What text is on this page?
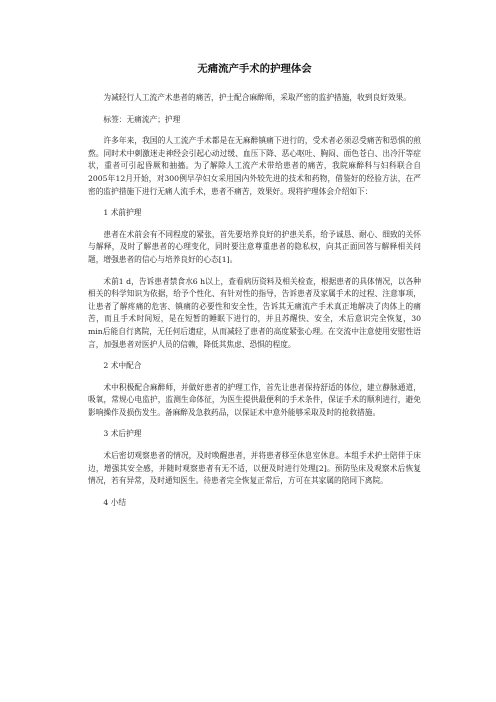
无痛流产手术的护理体会

为减轻行人工流产术患者的痛苦，护士配合麻醉师，采取严密的监护措施，收到良好效果。

标签：无痛流产；护理

许多年来，我国的人工流产手术都是在无麻醉镇痛下进行的，受术者必须忍受痛苦和恐惧的煎熬。同时术中刺激迷走神经会引起心动过缓、血压下降、恶心呕吐、胸闷、面色苍白、出冷汗等症状，重者可引起昏厥和抽搐。为了解除人工流产术带给患者的痛苦，我院麻醉科与妇科联合自2005年12月开始，对300例早孕妇女采用国内外较先进的技术和药物，借鉴好的经验方法，在严密的监护措施下进行无痛人流手术，患者不痛苦，效果好。现将护理体会介绍如下：

1 术前护理

患者在术前会有不同程度的紧张，首先要培养良好的护患关系，给予诚恳、耐心、细致的关怀与解释，及时了解患者的心理变化，同时要注意尊重患者的隐私权，向其正面回答与解释相关问题，增强患者的信心与培养良好的心态[1]。

术前1 d，告诉患者禁食水6 h以上，查看病历资料及相关检查，根据患者的具体情况，以各种相关的科学知识为依据，给予个性化、有针对性的指导，告诉患者及家属手术的过程、注意事项，让患者了解疼痛的危害、镇痛的必要性和安全性，告诉其无痛流产手术真正地解决了肉体上的痛苦，而且手术时间短，是在短暂的睡眠下进行的，并且苏醒快、安全，术后意识完全恢复，30 min后能自行离院，无任何后遗症，从而减轻了患者的高度紧张心理。在交流中注意使用安慰性语言，加强患者对医护人员的信赖，降低其焦虑、恐惧的程度。

2 术中配合

术中积极配合麻醉师，并做好患者的护理工作，首先让患者保持舒适的体位，建立静脉通道，吸氧，常规心电监护，监测生命体征，为医生提供最便利的手术条件，保证手术的顺利进行，避免影响操作及损伤发生。备麻醉及急救药品，以保证术中意外能够采取及时的抢救措施。

3 术后护理

术后密切观察患者的情况，及时唤醒患者，并将患者移至休息室休息。本组手术护士陪伴于床边，增强其安全感，并随时观察患者有无不适，以便及时进行处理[2]。预防坠床及观察术后恢复情况，若有异常，及时通知医生。待患者完全恢复正常后，方可在其家属的陪同下离院。

4 小结
